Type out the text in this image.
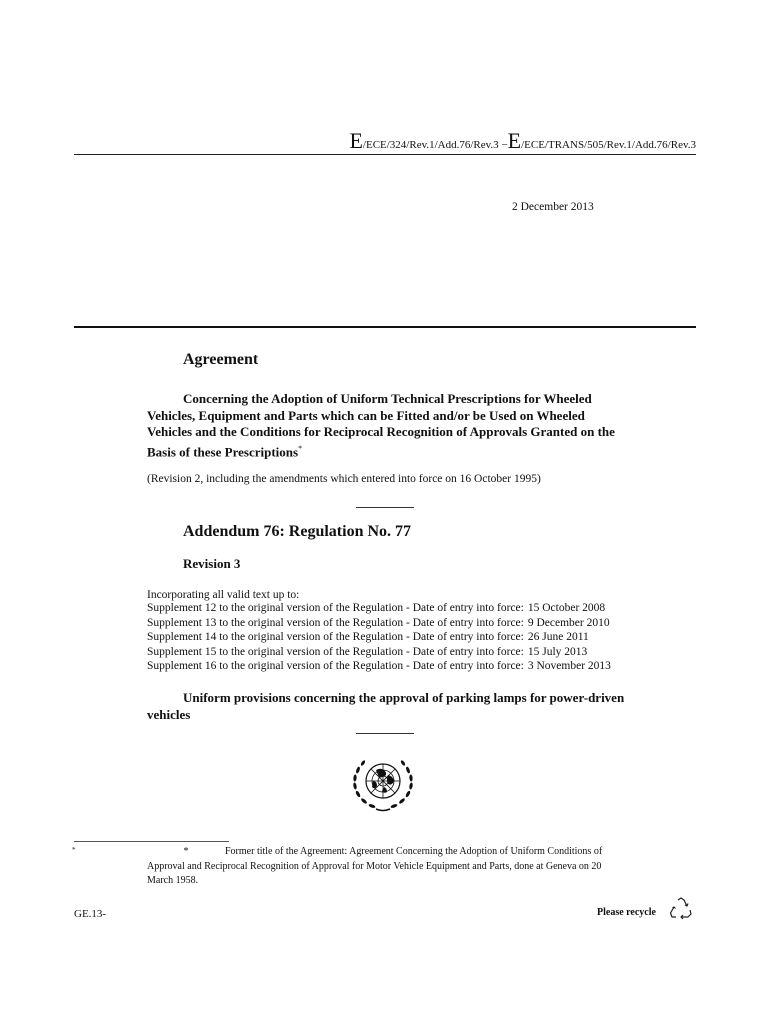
E/ECE/324/Rev.1/Add.76/Rev.3 −E/ECE/TRANS/505/Rev.1/Add.76/Rev.3
2 December 2013
Agreement
Concerning the Adoption of Uniform Technical Prescriptions for Wheeled Vehicles, Equipment and Parts which can be Fitted and/or be Used on Wheeled Vehicles and the Conditions for Reciprocal Recognition of Approvals Granted on the Basis of these Prescriptions*
(Revision 2, including the amendments which entered into force on 16 October 1995)
Addendum 76: Regulation No. 77
Revision 3
Incorporating all valid text up to:
Supplement 12 to the original version of the Regulation - Date of entry into force:	15 October 2008
Supplement 13 to the original version of the Regulation - Date of entry into force:	9 December 2010
Supplement 14 to the original version of the Regulation - Date of entry into force:	26 June 2011
Supplement 15 to the original version of the Regulation - Date of entry into force:	15 July 2013
Supplement 16 to the original version of the Regulation - Date of entry into force:	3 November 2013
Uniform provisions concerning the approval of parking lamps for power-driven vehicles
*	*	Former title of the Agreement: Agreement Concerning the Adoption of Uniform Conditions of Approval and Reciprocal Recognition of Approval for Motor Vehicle Equipment and Parts, done at Geneva on 20 March 1958.
GE.13-	Please recycle
